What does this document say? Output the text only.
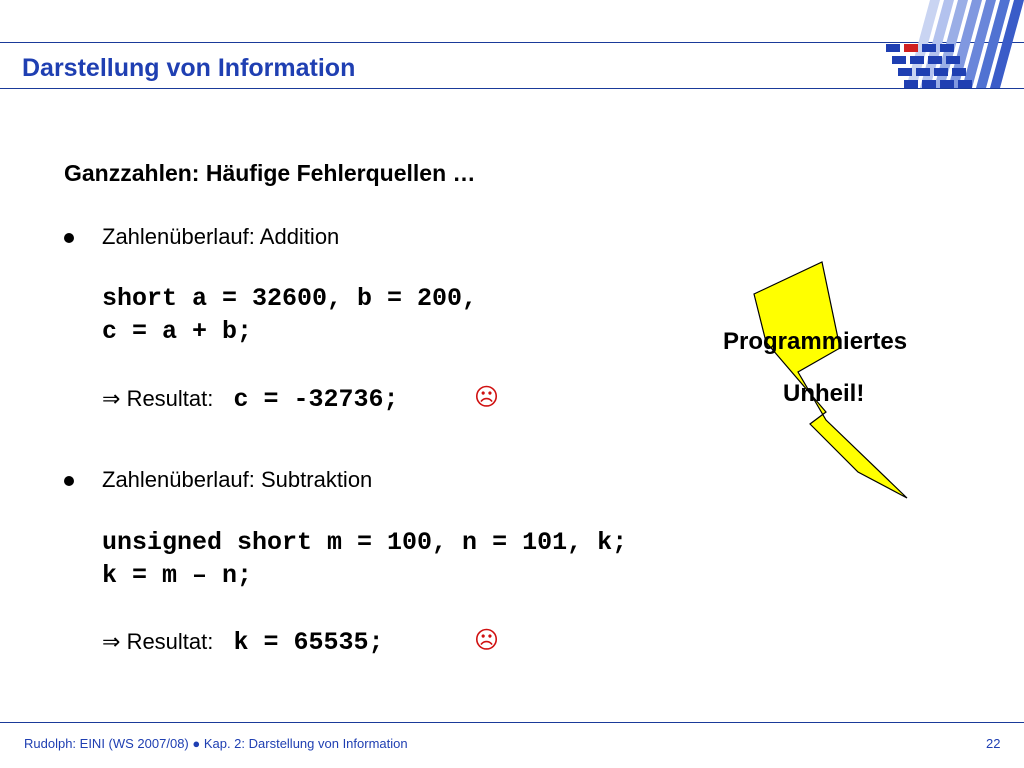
Darstellung von Information
Ganzzahlen: Häufige Fehlerquellen …
Zahlenüberlauf: Addition
short a = 32600, b = 200,
c = a + b;
⇒ Resultat: c = -32736;	☹
Zahlenüberlauf: Subtraktion
unsigned short m = 100, n = 101, k;
k = m – n;
⇒ Resultat: k = 65535;	☹
Programmiertes
Unheil!
Rudolph: EINI (WS 2007/08) ● Kap. 2: Darstellung von Information	22
